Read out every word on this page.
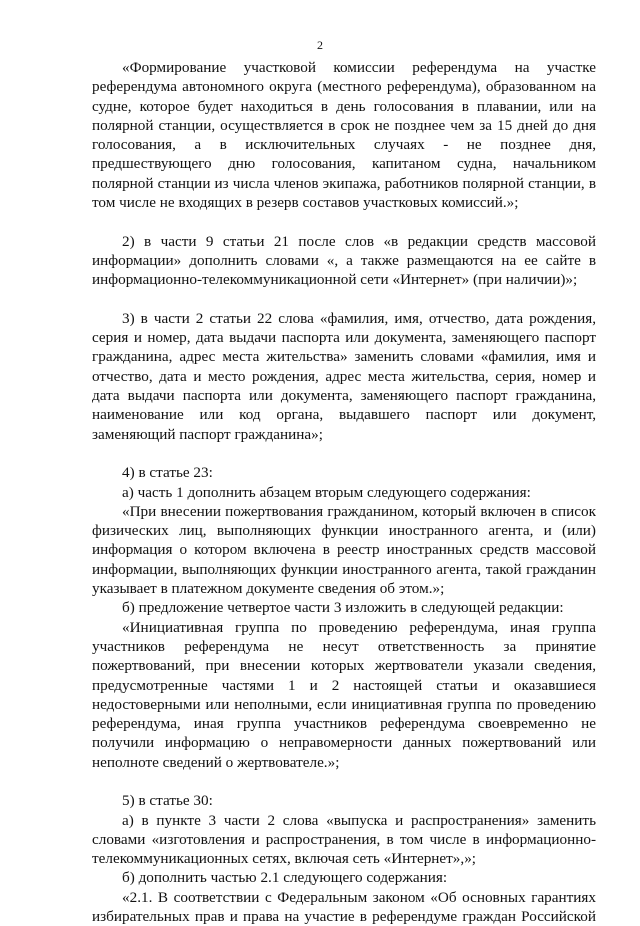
2

«Формирование участковой комиссии референдума на участке референдума автономного округа (местного референдума), образованном на судне, которое будет находиться в день голосования в плавании, или на полярной станции, осуществляется в срок не позднее чем за 15 дней до дня голосования, а в исключительных случаях - не позднее дня, предшествующего дню голосования, капитаном судна, начальником полярной станции из числа членов экипажа, работников полярной станции, в том числе не входящих в резерв составов участковых комиссий.»;

2) в части 9 статьи 21 после слов «в редакции средств массовой информации» дополнить словами «, а также размещаются на ее сайте в информационно-телекоммуникационной сети «Интернет» (при наличии)»;

3) в части 2 статьи 22 слова «фамилия, имя, отчество, дата рождения, серия и номер, дата выдачи паспорта или документа, заменяющего паспорт гражданина, адрес места жительства» заменить словами «фамилия, имя и отчество, дата и место рождения, адрес места жительства, серия, номер и дата выдачи паспорта или документа, заменяющего паспорт гражданина, наименование или код органа, выдавшего паспорт или документ, заменяющий паспорт гражданина»;

4) в статье 23:

а) часть 1 дополнить абзацем вторым следующего содержания:

«При внесении пожертвования гражданином, который включен в список физических лиц, выполняющих функции иностранного агента, и (или) информация о котором включена в реестр иностранных средств массовой информации, выполняющих функции иностранного агента, такой гражданин указывает в платежном документе сведения об этом.»;

б) предложение четвертое части 3 изложить в следующей редакции:

«Инициативная группа по проведению референдума, иная группа участников референдума не несут ответственность за принятие пожертвований, при внесении которых жертвователи указали сведения, предусмотренные частями 1 и 2 настоящей статьи и оказавшиеся недостоверными или неполными, если инициативная группа по проведению референдума, иная группа участников референдума своевременно не получили информацию о неправомерности данных пожертвований или неполноте сведений о жертвователе.»;

5) в статье 30:

а) в пункте 3 части 2 слова «выпуска и распространения» заменить словами «изготовления и распространения, в том числе в информационно-телекоммуникационных сетях, включая сеть «Интернет»,»;

б) дополнить частью 2.1 следующего содержания:

«2.1. В соответствии с Федеральным законом «Об основных гарантиях избирательных прав и права на участие в референдуме граждан Российской
